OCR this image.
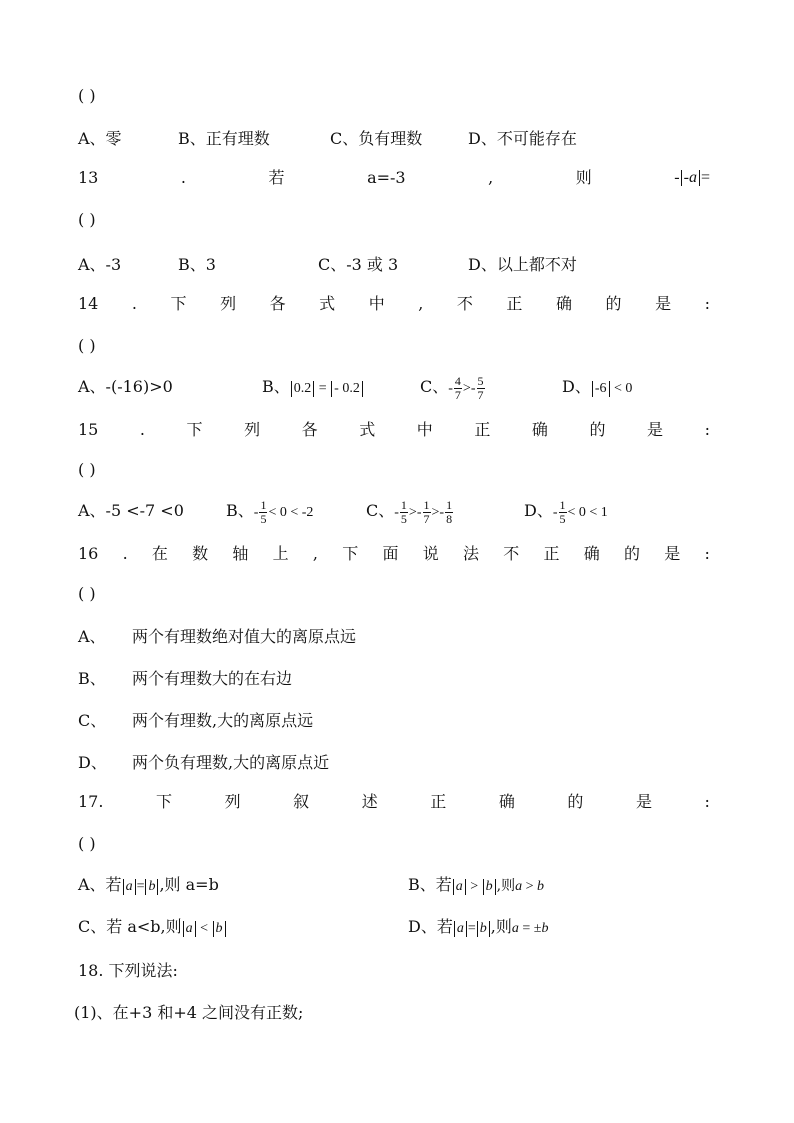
( )
A、零	B、正有理数	C、负有理数	D、不可能存在
13	.	若	a=-3	,	则	- -a =
( )
A、-3	B、3	C、-3 或 3	D、以上都不对
14 . 下 列 各 式 中 , 不 正 确 的 是 :
( )
A、-(-16)>0	B、 0.2 = - 0.2	C、- $\frac{4}{7} >- \frac{5}{7}$	D、 -6 < 0
15	.	下	列	各	式	中	正	确	的	是	:
( )
A、-5 <-7 <0	B、- $\frac{1}{5} < 0 < -2$	C、- $\frac{1}{5} >- \frac{1}{7} >- \frac{1}{8}$	D、- $\frac{1}{5} < 0 < 1$
16 . 在 数 轴 上 , 下 面 说 法 不 正 确 的 是 :
( )
A、 两个有理数绝对值大的离原点远
B、 两个有理数大的在右边
C、 两个有理数,大的离原点远
D、 两个负有理数,大的离原点近
17.	下	列	叙	述	正	确	的	是	:
( )
A、若 a = b ,则 a=b	B、若 a > b ,则a > b
C、若 a<b,则 a < b	D、若 a = b ,则a = ±b
18. 下列说法:
(1)、在+3 和+4 之间没有正数;
